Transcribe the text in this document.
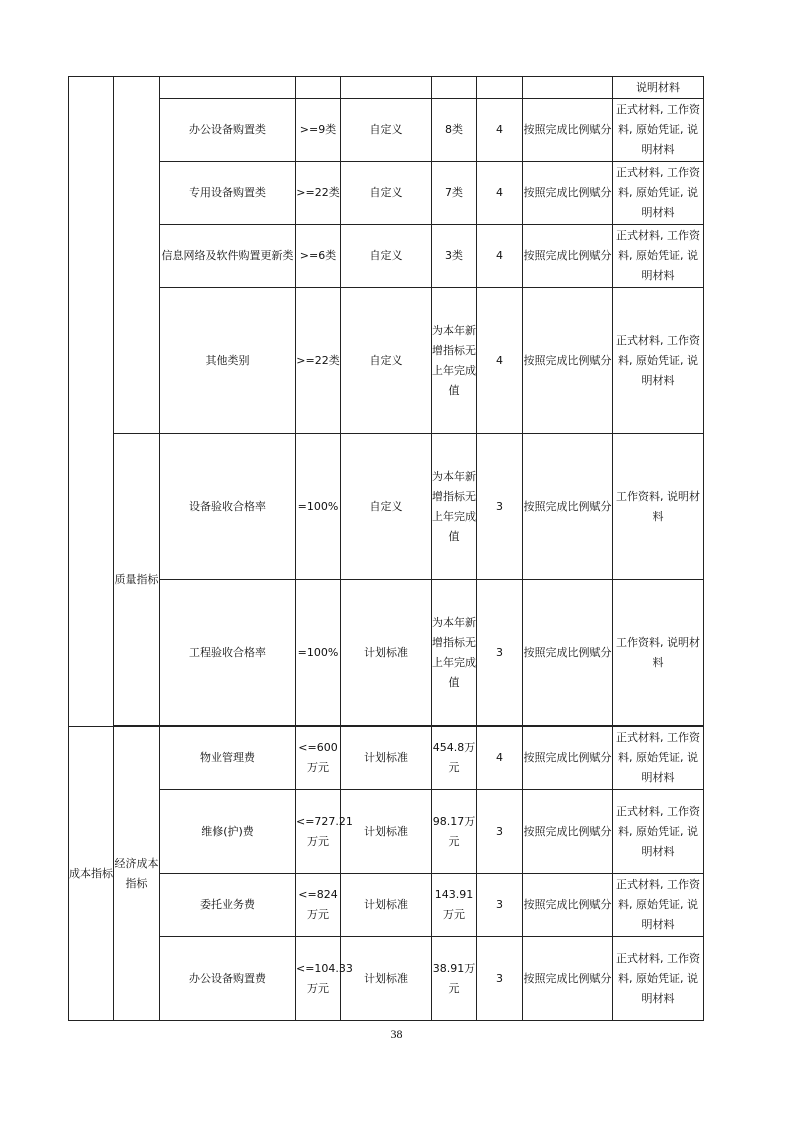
								说明材料
		办公设备购置类	>=9类	自定义	8类	4	按照完成比例赋分	正式材料, 工作资料, 原始凭证, 说明材料
		专用设备购置类	>=22类	自定义	7类	4	按照完成比例赋分	正式材料, 工作资料, 原始凭证, 说明材料
		信息网络及软件购置更新类	>=6类	自定义	3类	4	按照完成比例赋分	正式材料, 工作资料, 原始凭证, 说明材料
		其他类别	>=22类	自定义	为本年新增指标无上年完成值	4	按照完成比例赋分	正式材料, 工作资料, 原始凭证, 说明材料
	质量指标	设备验收合格率	=100%	自定义	为本年新增指标无上年完成值	3	按照完成比例赋分	工作资料, 说明材料
		工程验收合格率	=100%	计划标准	为本年新增指标无上年完成值	3	按照完成比例赋分	工作资料, 说明材料

成本指标	经济成本指标	物业管理费	<=600万元	计划标准	454.8万元	4	按照完成比例赋分	正式材料, 工作资料, 原始凭证, 说明材料
		维修(护)费	<=727.21万元	计划标准	98.17万元	3	按照完成比例赋分	正式材料, 工作资料, 原始凭证, 说明材料
		委托业务费	<=824万元	计划标准	143.91万元	3	按照完成比例赋分	正式材料, 工作资料, 原始凭证, 说明材料
		办公设备购置费	<=104.33万元	计划标准	38.91万元	3	按照完成比例赋分	正式材料, 工作资料, 原始凭证, 说明材料
38
